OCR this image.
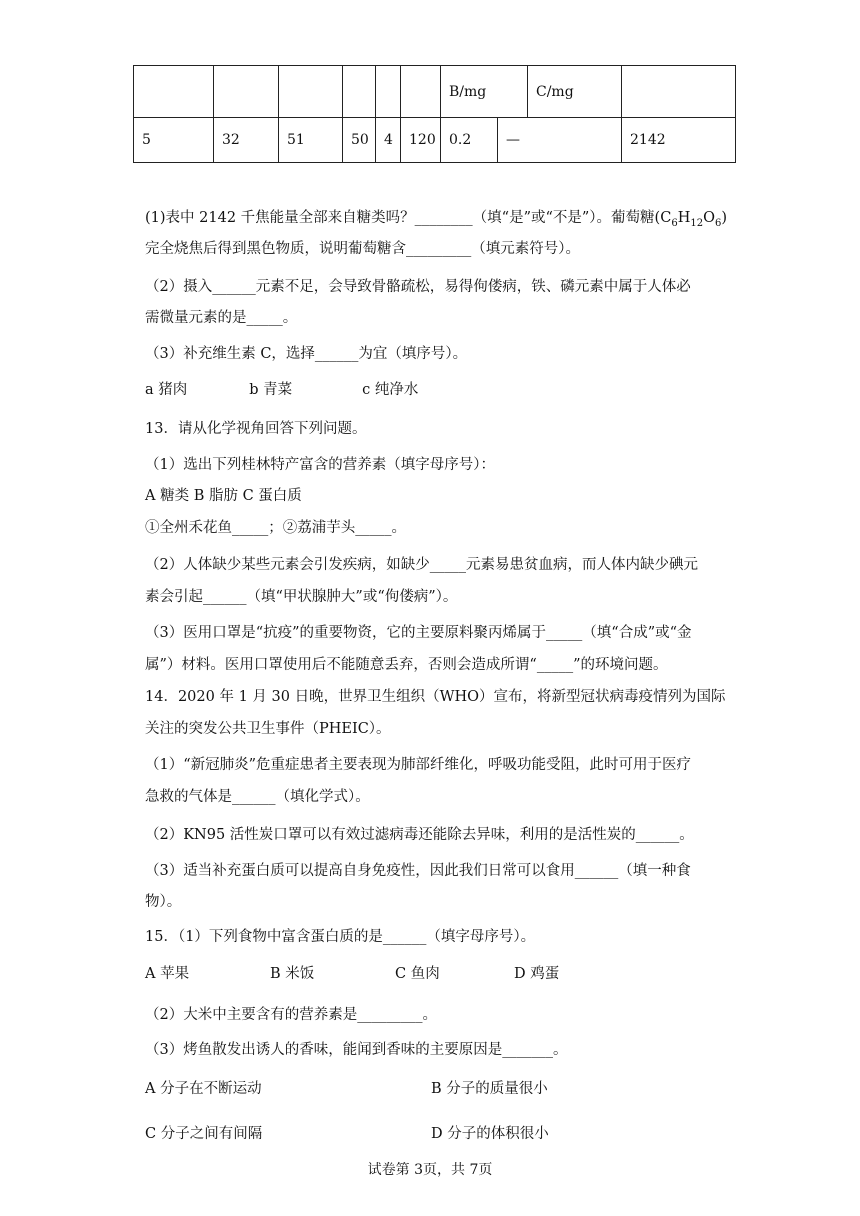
						B/mg		C/mg	
5	32	51	50	4	120	0.2	—		2142
(1)表中 2142 千焦能量全部来自糖类吗？________（填“是”或“不是”）。葡萄糖$(C_6H_{12}O_6)$
完全烧焦后得到黑色物质，说明葡萄糖含_________（填元素符号）。
（2）摄入______元素不足，会导致骨骼疏松，易得佝偻病，铁、磷元素中属于人体必
需微量元素的是_____。
（3）补充维生素 C，选择______为宜（填序号）。
a 猪肉	b 青菜	c 纯净水
13．请从化学视角回答下列问题。
（1）选出下列桂林特产富含的营养素（填字母序号）：
A 糖类 B 脂肪 C 蛋白质
①全州禾花鱼_____；②荔浦芋头_____。
（2）人体缺少某些元素会引发疾病，如缺少_____元素易患贫血病，而人体内缺少碘元
素会引起______（填“甲状腺肿大”或“佝偻病”）。
（3）医用口罩是“抗疫”的重要物资，它的主要原料聚丙烯属于_____（填“合成”或“金
属”）材料。医用口罩使用后不能随意丢弃，否则会造成所谓“_____”的环境问题。
14．2020 年 1 月 30 日晚，世界卫生组织（WHO）宣布，将新型冠状病毒疫情列为国际
关注的突发公共卫生事件（PHEIC）。
（1）“新冠肺炎”危重症患者主要表现为肺部纤维化，呼吸功能受阻，此时可用于医疗
急救的气体是______（填化学式）。
（2）KN95 活性炭口罩可以有效过滤病毒还能除去异味，利用的是活性炭的______。
（3）适当补充蛋白质可以提高自身免疫性，因此我们日常可以食用______（填一种食
物）。
15．（1）下列食物中富含蛋白质的是______（填字母序号）。
A 苹果	B 米饭	C 鱼肉	D 鸡蛋
（2）大米中主要含有的营养素是_________。
（3）烤鱼散发出诱人的香味，能闻到香味的主要原因是_______。
A 分子在不断运动	B 分子的质量很小
C 分子之间有间隔	D 分子的体积很小
试卷第 3页，共 7页
